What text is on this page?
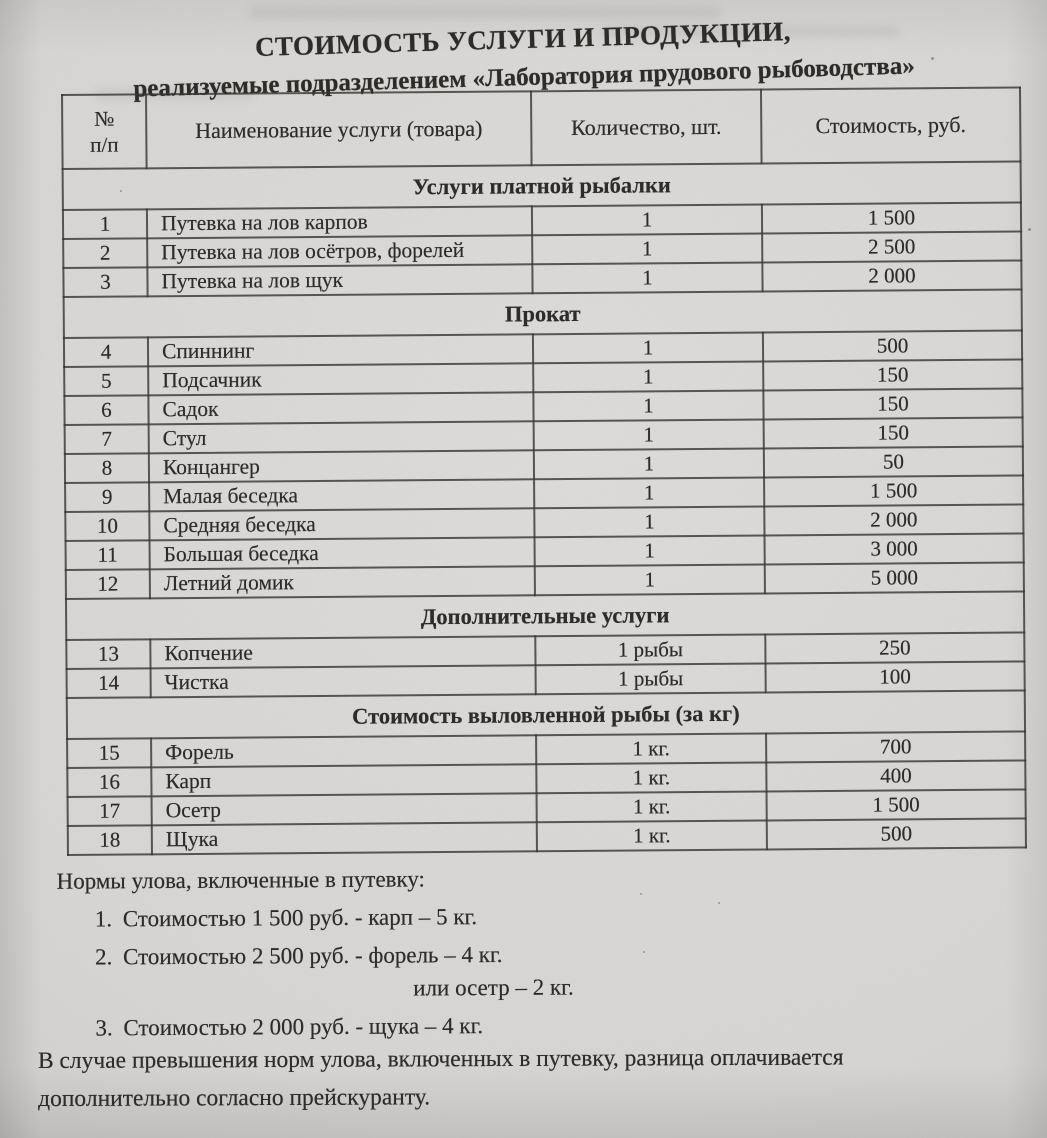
СТОИМОСТЬ УСЛУГИ И ПРОДУКЦИИ,
реализуемые подразделением «Лаборатория прудового рыбоводства»
№
п/п	Наименование услуги (товара)	Количество, шт.	Стоимость, руб.
Услуги платной рыбалки			
1	Путевка на лов карпов	1	1 500
2	Путевка на лов осётров, форелей	1	2 500
3	Путевка на лов щук	1	2 000
Прокат			
4	Спиннинг	1	500
5	Подсачник	1	150
6	Садок	1	150
7	Стул	1	150
8	Концангер	1	50
9	Малая беседка	1	1 500
10	Средняя беседка	1	2 000
11	Большая беседка	1	3 000
12	Летний домик	1	5 000
Дополнительные услуги			
13	Копчение	1 рыбы	250
14	Чистка	1 рыбы	100
Стоимость выловленной рыбы (за кг)			
15	Форель	1 кг.	700
16	Карп	1 кг.	400
17	Осетр	1 кг.	1 500
18	Щука	1 кг.	500
Нормы улова, включенные в путевку:
1. Стоимостью 1 500 руб. - карп – 5 кг.
2. Стоимостью 2 500 руб. - форель – 4 кг.
или осетр – 2 кг.
3. Стоимостью 2 000 руб. - щука – 4 кг.
В случае превышения норм улова, включенных в путевку, разница оплачивается
дополнительно согласно прейскуранту.
